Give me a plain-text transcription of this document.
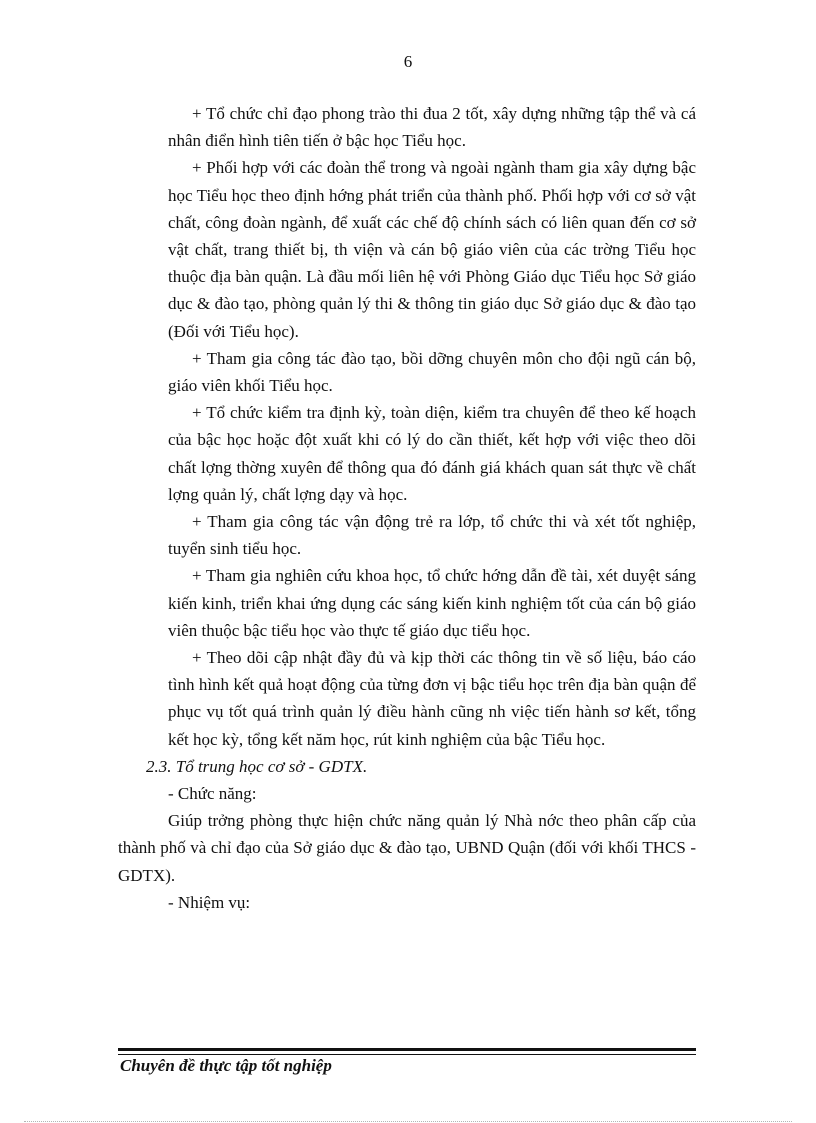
6

+ Tổ chức chỉ đạo phong trào thi đua 2 tốt, xây dựng những tập thể và cá nhân điển hình tiên tiến ở bậc học Tiểu học.

+ Phối hợp với các đoàn thể trong và ngoài ngành tham gia xây dựng bậc học Tiểu học theo định hớng phát triển của thành phố. Phối hợp với cơ sở vật chất, công đoàn ngành, để xuất các chế độ chính sách có liên quan đến cơ sở vật chất, trang thiết bị, th viện và cán bộ giáo viên của các trờng Tiểu học thuộc địa bàn quận. Là đầu mối liên hệ với Phòng Giáo dục Tiểu học Sở giáo dục & đào tạo, phòng quản lý thi & thông tin giáo dục Sở giáo dục & đào tạo (Đối với Tiểu học).

+ Tham gia công tác đào tạo, bồi dỡng chuyên môn cho đội ngũ cán bộ, giáo viên khối Tiểu học.

+ Tổ chức kiểm tra định kỳ, toàn diện, kiểm tra chuyên để theo kế hoạch của bậc học hoặc đột xuất khi có lý do cần thiết, kết hợp với việc theo dõi chất lợng thờng xuyên để thông qua đó đánh giá khách quan sát thực về chất lợng quản lý, chất lợng dạy và học.

+ Tham gia công tác vận động trẻ ra lớp, tổ chức thi và xét tốt nghiệp, tuyển sinh tiểu học.

+ Tham gia nghiên cứu khoa học, tổ chức hớng dẫn đề tài, xét duyệt sáng kiến kinh, triển khai ứng dụng các sáng kiến kinh nghiệm tốt của cán bộ giáo viên thuộc bậc tiểu học vào thực tế giáo dục tiểu học.

+ Theo dõi cập nhật đầy đủ và kịp thời các thông tin về số liệu, báo cáo tình hình kết quả hoạt động của từng đơn vị bậc tiểu học trên địa bàn quận để phục vụ tốt quá trình quản lý điều hành cũng nh việc tiến hành sơ kết, tổng kết học kỳ, tổng kết năm học, rút kinh nghiệm của bậc Tiểu học.

2.3. Tổ trung học cơ sở - GDTX.

- Chức năng:

Giúp trởng phòng thực hiện chức năng quản lý Nhà nớc theo phân cấp của thành phố và chỉ đạo của Sở giáo dục & đào tạo, UBND Quận (đối với khối THCS - GDTX).

- Nhiệm vụ:

Chuyên đề thực tập tốt nghiệp
